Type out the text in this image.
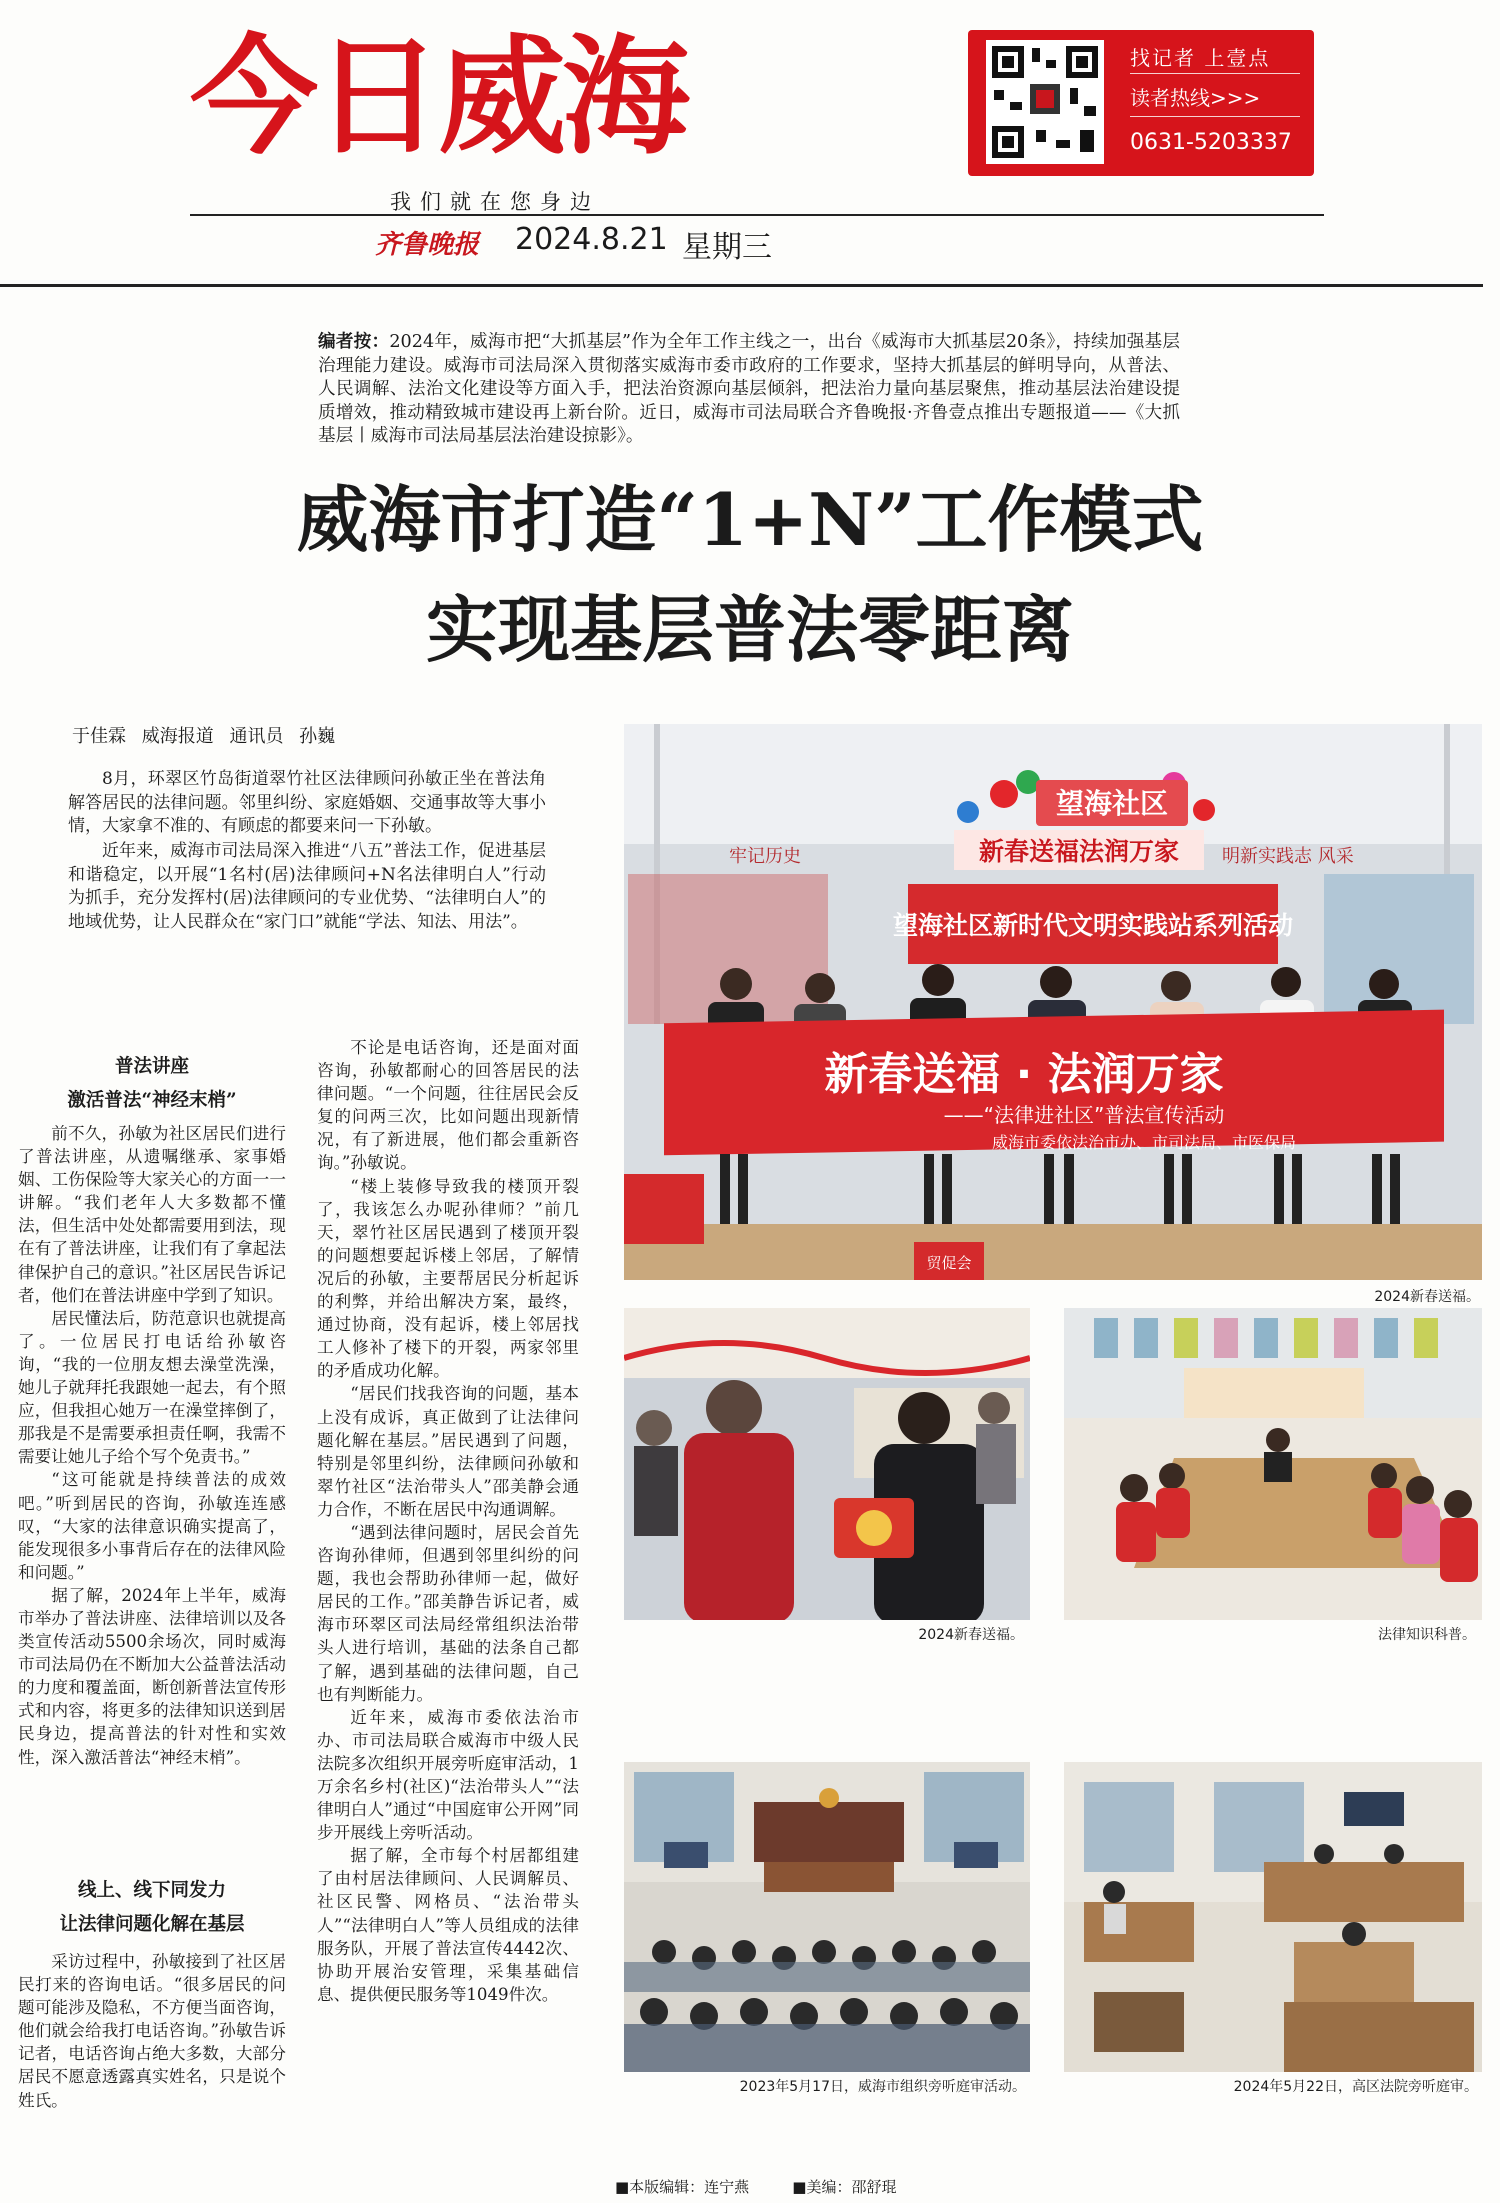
今日威海
我们就在您身边
齐鲁晚报 2024.8.21 星期三
找记者 上壹点
读者热线>>>
0631-5203337
编者按：2024年，威海市把“大抓基层”作为全年工作主线之一，出台《威海市大抓基层20条》，持续加强基层治理能力建设。威海市司法局深入贯彻落实威海市委市政府的工作要求，坚持大抓基层的鲜明导向，从普法、人民调解、法治文化建设等方面入手，把法治资源向基层倾斜，把法治力量向基层聚焦，推动基层法治建设提质增效，推动精致城市建设再上新台阶。近日，威海市司法局联合齐鲁晚报·齐鲁壹点推出专题报道——《大抓基层丨威海市司法局基层法治建设掠影》。
威海市打造“1+N”工作模式
实现基层普法零距离
于佳霖 威海报道 通讯员 孙巍
8月，环翠区竹岛街道翠竹社区法律顾问孙敏正坐在普法角解答居民的法律问题。邻里纠纷、家庭婚姻、交通事故等大事小情，大家拿不准的、有顾虑的都要来问一下孙敏。
近年来，威海市司法局深入推进“八五”普法工作，促进基层和谐稳定，以开展“1名村(居)法律顾问+N名法律明白人”行动为抓手，充分发挥村(居)法律顾问的专业优势、“法律明白人”的地域优势，让人民群众在“家门口”就能“学法、知法、用法”。
普法讲座
激活普法“神经末梢”

前不久，孙敏为社区居民们进行了普法讲座，从遗嘱继承、家事婚姻、工伤保险等大家关心的方面一一讲解。“我们老年人大多数都不懂法，但生活中处处都需要用到法，现在有了普法讲座，让我们有了拿起法律保护自己的意识。”社区居民告诉记者，他们在普法讲座中学到了知识。

居民懂法后，防范意识也就提高了。一位居民打电话给孙敏咨询，“我的一位朋友想去澡堂洗澡，她儿子就拜托我跟她一起去，有个照应，但我担心她万一在澡堂摔倒了，那我是不是需要承担责任啊，我需不需要让她儿子给个写个免责书。”

“这可能就是持续普法的成效吧。”听到居民的咨询，孙敏连连感叹，“大家的法律意识确实提高了，能发现很多小事背后存在的法律风险和问题。”

据了解，2024年上半年，威海市举办了普法讲座、法律培训以及各类宣传活动5500余场次，同时威海市司法局仍在不断加大公益普法活动的力度和覆盖面，断创新普法宣传形式和内容，将更多的法律知识送到居民身边，提高普法的针对性和实效性，深入激活普法“神经末梢”。

线上、线下同发力
让法律问题化解在基层

采访过程中，孙敏接到了社区居民打来的咨询电话。“很多居民的问题可能涉及隐私，不方便当面咨询，他们就会给我打电话咨询。”孙敏告诉记者，电话咨询占绝大多数，大部分居民不愿意透露真实姓名，只是说个姓氏。

不论是电话咨询，还是面对面咨询，孙敏都耐心的回答居民的法律问题。“一个问题，往往居民会反复的问两三次，比如问题出现新情况，有了新进展，他们都会重新咨询。”孙敏说。

“楼上装修导致我的楼顶开裂了，我该怎么办呢孙律师？”前几天，翠竹社区居民遇到了楼顶开裂的问题想要起诉楼上邻居，了解情况后的孙敏，主要帮居民分析起诉的利弊，并给出解决方案，最终，通过协商，没有起诉，楼上邻居找工人修补了楼下的开裂，两家邻里的矛盾成功化解。

“居民们找我咨询的问题，基本上没有成诉，真正做到了让法律问题化解在基层。”居民遇到了问题，特别是邻里纠纷，法律顾问孙敏和翠竹社区“法治带头人”邵美静会通力合作，不断在居民中沟通调解。

“遇到法律问题时，居民会首先咨询孙律师，但遇到邻里纠纷的问题，我也会帮助孙律师一起，做好居民的工作。”邵美静告诉记者，威海市环翠区司法局经常组织法治带头人进行培训，基础的法条自己都了解，遇到基础的法律问题，自己也有判断能力。

近年来，威海市委依法治市办、市司法局联合威海市中级人民法院多次组织开展旁听庭审活动，1万余名乡村(社区)“法治带头人”“法律明白人”通过“中国庭审公开网”同步开展线上旁听活动。

据了解，全市每个村居都组建了由村居法律顾问、人民调解员、社区民警、网格员、“法治带头人”“法律明白人”等人员组成的法律服务队，开展了普法宣传4442次、协助开展治安管理，采集基础信息、提供便民服务等1049件次。

望海社区
新春送福法润万家
牢记历史	明新实践志 风采
望海社区新时代文明实践站系列活动
新春送福 · 法润万家
——“法律进社区”普法宣传活动
威海市委依法治市办、市司法局、市医保局
贸促会
2024新春送福。
2024新春送福。	法律知识科普。
2023年5月17日，威海市组织旁听庭审活动。	2024年5月22日，高区法院旁听庭审。
■本版编辑：连宁燕	■美编：邵舒琨
